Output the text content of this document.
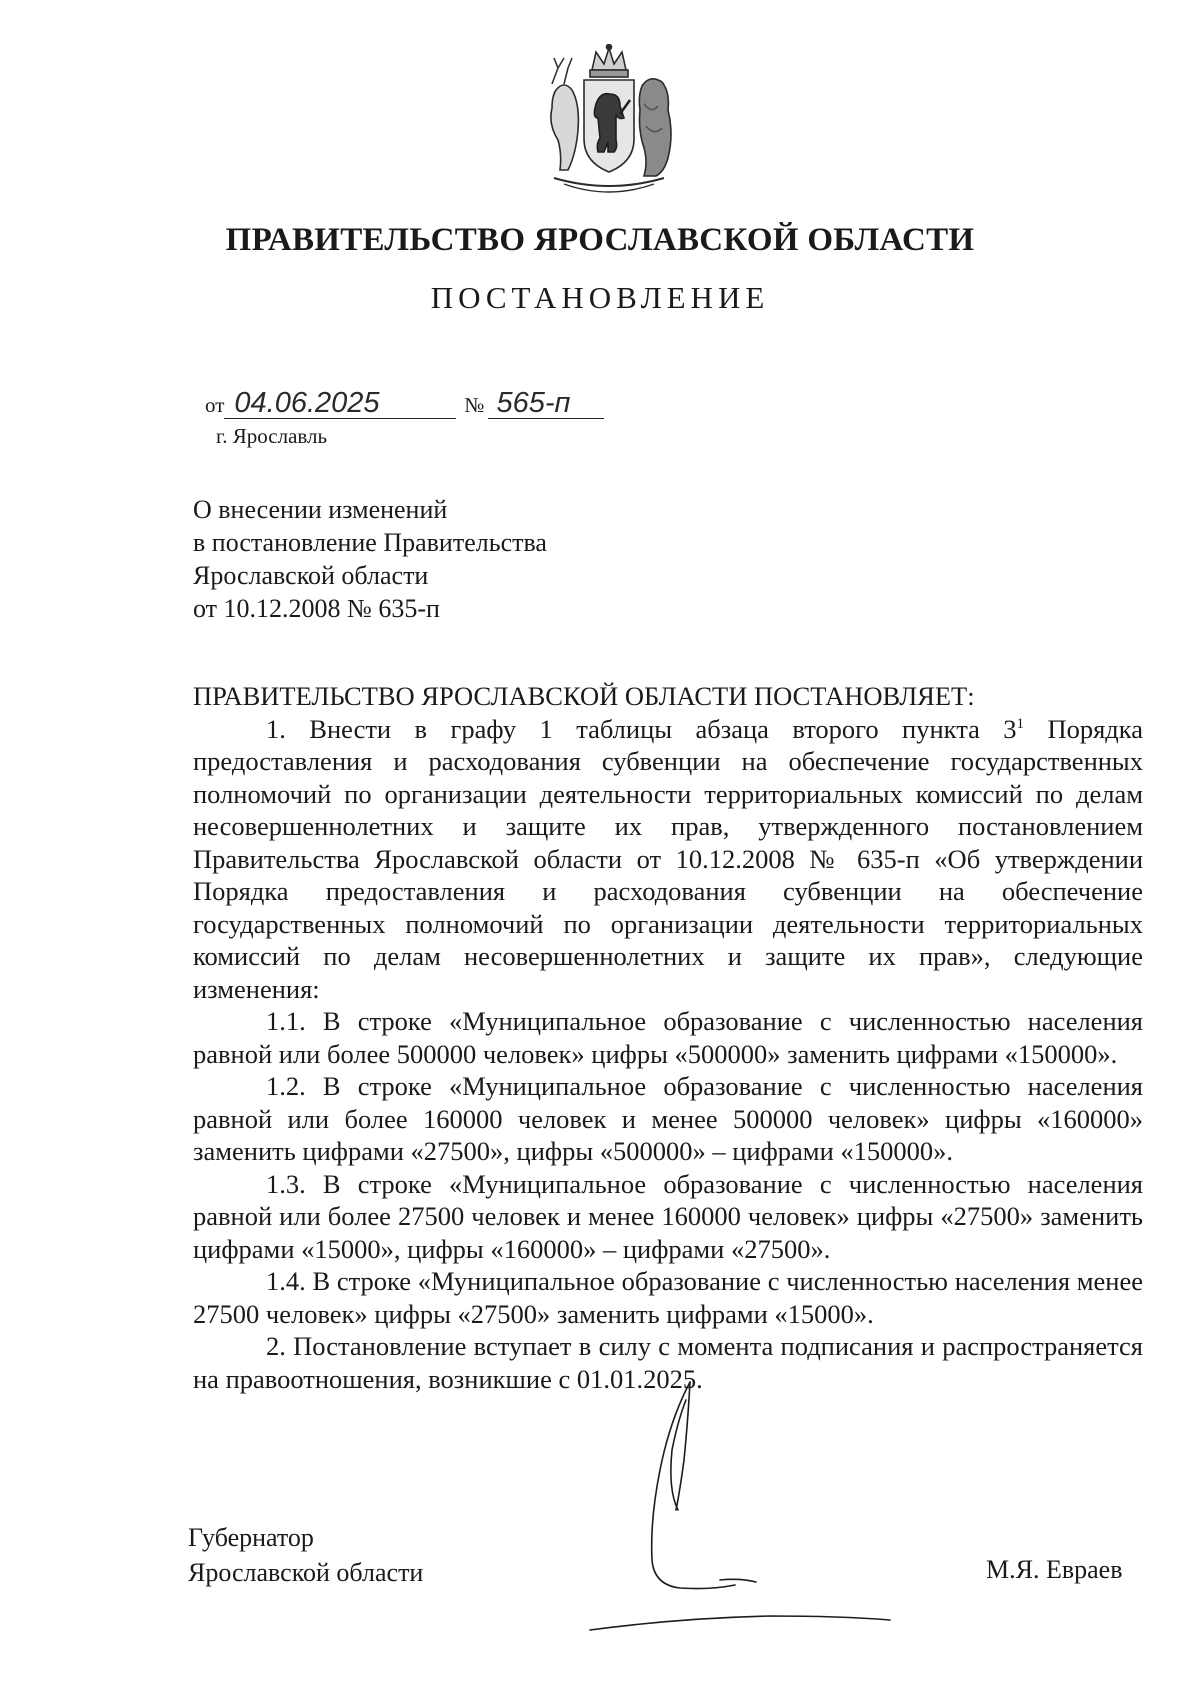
ПРАВИТЕЛЬСТВО ЯРОСЛАВСКОЙ ОБЛАСТИ
ПОСТАНОВЛЕНИЕ
от 04.06.2025	№ 565-п
г. Ярославль
О внесении изменений
в постановление Правительства
Ярославской области
от 10.12.2008 № 635-п
ПРАВИТЕЛЬСТВО ЯРОСЛАВСКОЙ ОБЛАСТИ ПОСТАНОВЛЯЕТ:

1. Внести в графу 1 таблицы абзаца второго пункта $3^1$ Порядка предоставления и расходования субвенции на обеспечение государственных полномочий по организации деятельности территориальных комиссий по делам несовершеннолетних и защите их прав, утвержденного постановлением Правительства Ярославской области от 10.12.2008 № 635-п «Об утверждении Порядка предоставления и расходования субвенции на обеспечение государственных полномочий по организации деятельности территориальных комиссий по делам несовершеннолетних и защите их прав», следующие изменения:

1.1. В строке «Муниципальное образование с численностью населения равной или более 500000 человек» цифры «500000» заменить цифрами «150000».

1.2. В строке «Муниципальное образование с численностью населения равной или более 160000 человек и менее 500000 человек» цифры «160000» заменить цифрами «27500», цифры «500000» – цифрами «150000».

1.3. В строке «Муниципальное образование с численностью населения равной или более 27500 человек и менее 160000 человек» цифры «27500» заменить цифрами «15000», цифры «160000» – цифрами «27500».

1.4. В строке «Муниципальное образование с численностью населения менее 27500 человек» цифры «27500» заменить цифрами «15000».

2. Постановление вступает в силу с момента подписания и распространяется на правоотношения, возникшие с 01.01.2025.

Губернатор
Ярославской области	М.Я. Евраев
